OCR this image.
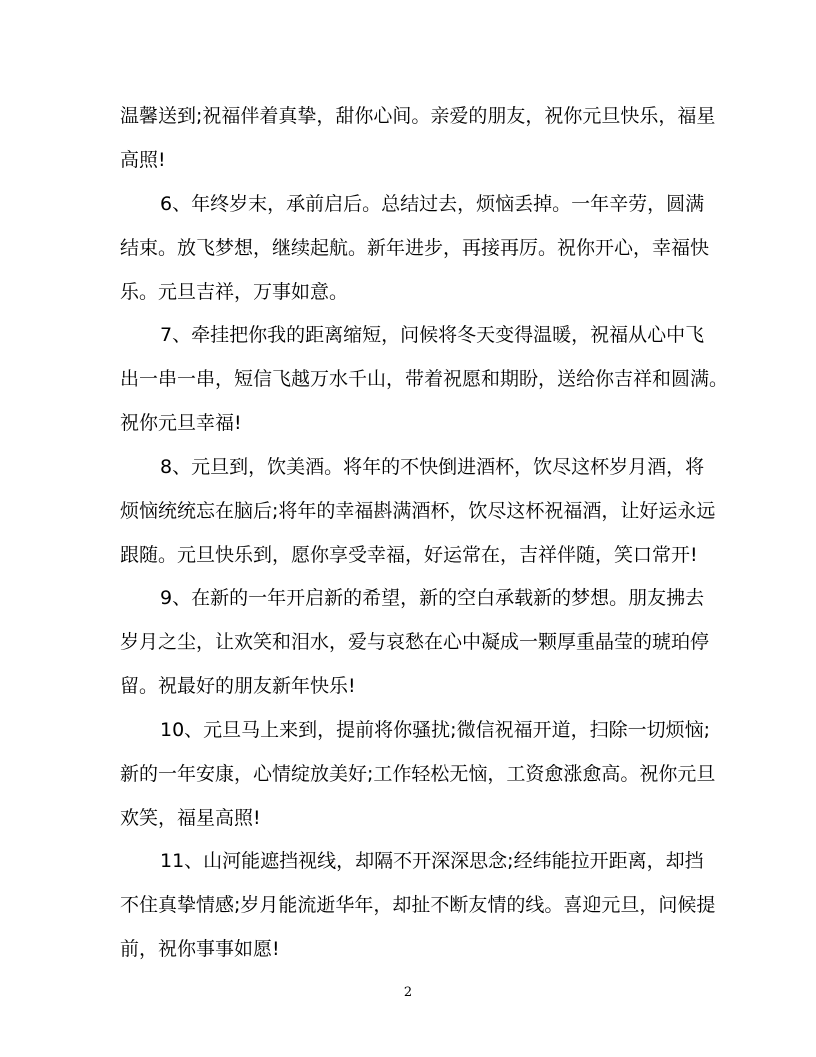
温馨送到;祝福伴着真挚，甜你心间。亲爱的朋友，祝你元旦快乐，福星
高照!
6、年终岁末，承前启后。总结过去，烦恼丢掉。一年辛劳，圆满
结束。放飞梦想，继续起航。新年进步，再接再厉。祝你开心，幸福快
乐。元旦吉祥，万事如意。
7、牵挂把你我的距离缩短，问候将冬天变得温暖，祝福从心中飞
出一串一串，短信飞越万水千山，带着祝愿和期盼，送给你吉祥和圆满。
祝你元旦幸福!
8、元旦到，饮美酒。将年的不快倒进酒杯，饮尽这杯岁月酒，将
烦恼统统忘在脑后;将年的幸福斟满酒杯，饮尽这杯祝福酒，让好运永远
跟随。元旦快乐到，愿你享受幸福，好运常在，吉祥伴随，笑口常开!
9、在新的一年开启新的希望，新的空白承载新的梦想。朋友拂去
岁月之尘，让欢笑和泪水，爱与哀愁在心中凝成一颗厚重晶莹的琥珀停
留。祝最好的朋友新年快乐!
10、元旦马上来到，提前将你骚扰;微信祝福开道，扫除一切烦恼;
新的一年安康，心情绽放美好;工作轻松无恼，工资愈涨愈高。祝你元旦
欢笑，福星高照!
11、山河能遮挡视线，却隔不开深深思念;经纬能拉开距离，却挡
不住真挚情感;岁月能流逝华年，却扯不断友情的线。喜迎元旦，问候提
前，祝你事事如愿!
2
